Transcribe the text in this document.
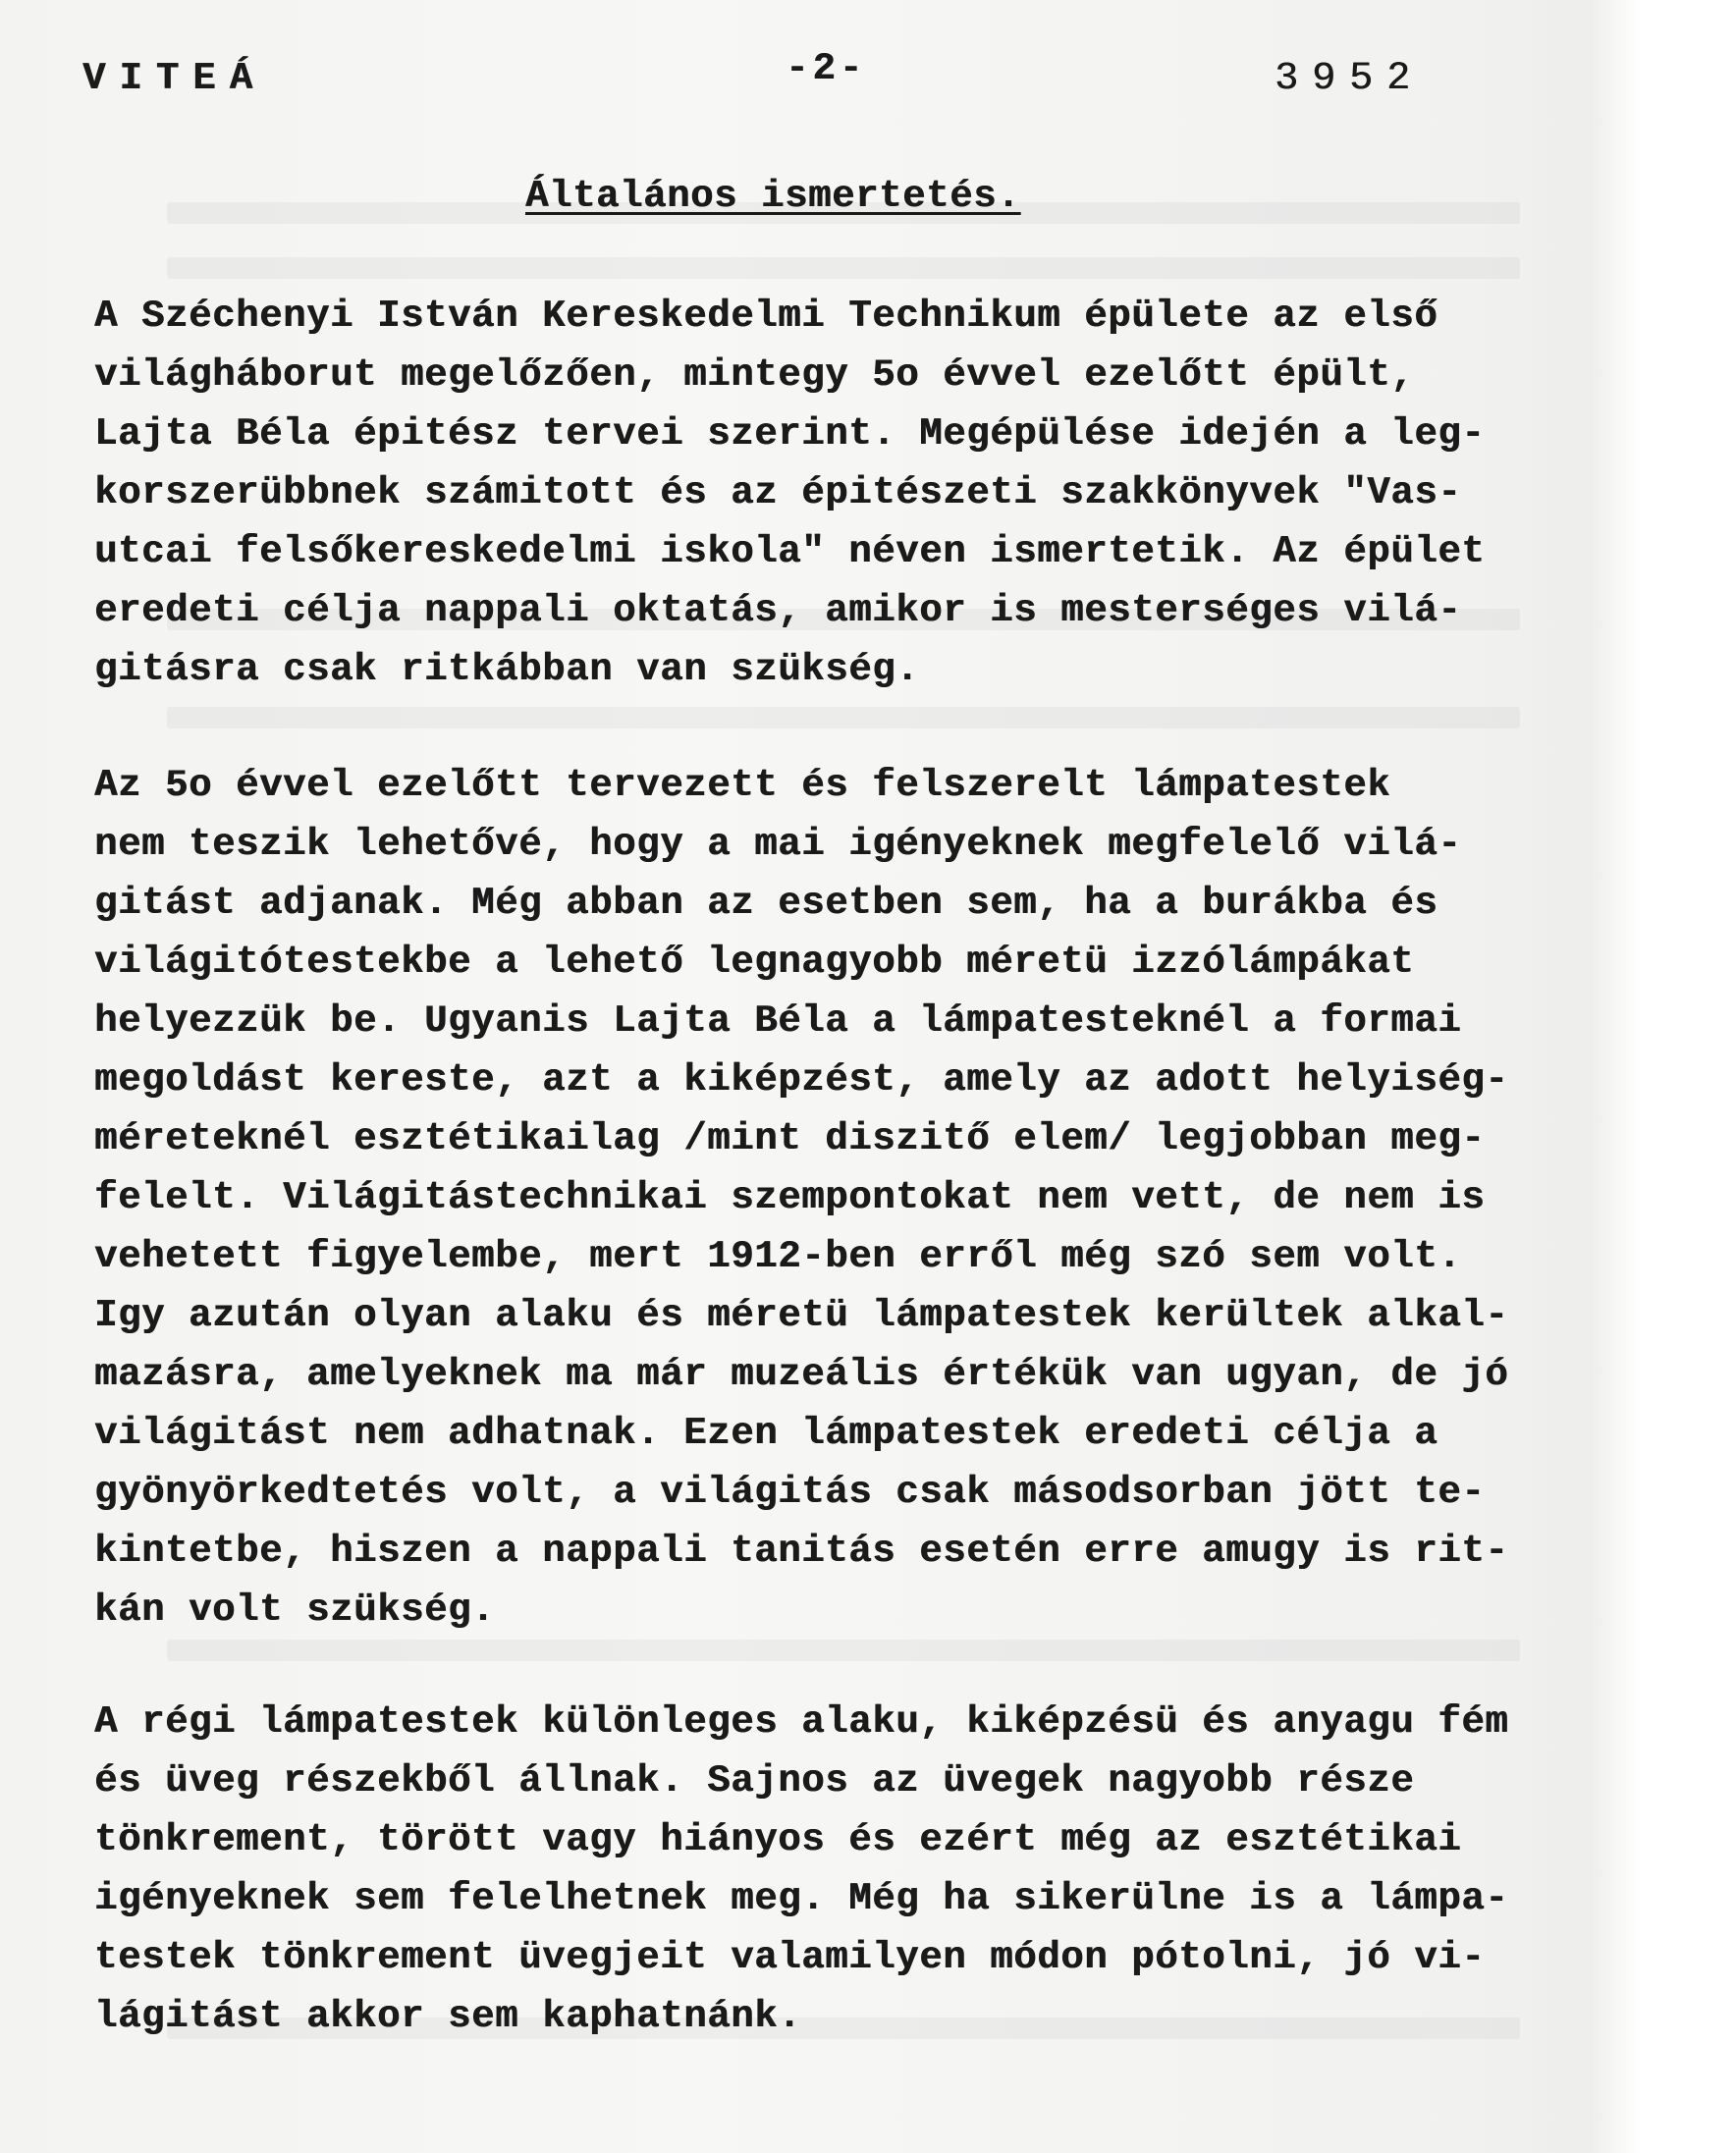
VITEÁ	-2-	3952
Általános ismertetés.
A Széchenyi István Kereskedelmi Technikum épülete az első
világháborut megelőzően, mintegy 5o évvel ezelőtt épült,
Lajta Béla épitész tervei szerint. Megépülése idején a leg-
korszerübbnek számitott és az épitészeti szakkönyvek "Vas-
utcai felsőkereskedelmi iskola" néven ismertetik. Az épület
eredeti célja nappali oktatás, amikor is mesterséges vilá-
gitásra csak ritkábban van szükség.
Az 5o évvel ezelőtt tervezett és felszerelt lámpatestek
nem teszik lehetővé, hogy a mai igényeknek megfelelő vilá-
gitást adjanak. Még abban az esetben sem, ha a burákba és
világitótestekbe a lehető legnagyobb méretü izzólámpákat
helyezzük be. Ugyanis Lajta Béla a lámpatesteknél a formai
megoldást kereste, azt a kiképzést, amely az adott helyiség-
méreteknél esztétikailag /mint diszitő elem/ legjobban meg-
felelt. Világitástechnikai szempontokat nem vett, de nem is
vehetett figyelembe, mert 1912-ben erről még szó sem volt.
Igy azután olyan alaku és méretü lámpatestek kerültek alkal-
mazásra, amelyeknek ma már muzeális értékük van ugyan, de jó
világitást nem adhatnak. Ezen lámpatestek eredeti célja a
gyönyörkedtetés volt, a világitás csak másodsorban jött te-
kintetbe, hiszen a nappali tanitás esetén erre amugy is rit-
kán volt szükség.
A régi lámpatestek különleges alaku, kiképzésü és anyagu fém
és üveg részekből állnak. Sajnos az üvegek nagyobb része
tönkrement, törött vagy hiányos és ezért még az esztétikai
igényeknek sem felelhetnek meg. Még ha sikerülne is a lámpa-
testek tönkrement üvegjeit valamilyen módon pótolni, jó vi-
lágitást akkor sem kaphatnánk.
